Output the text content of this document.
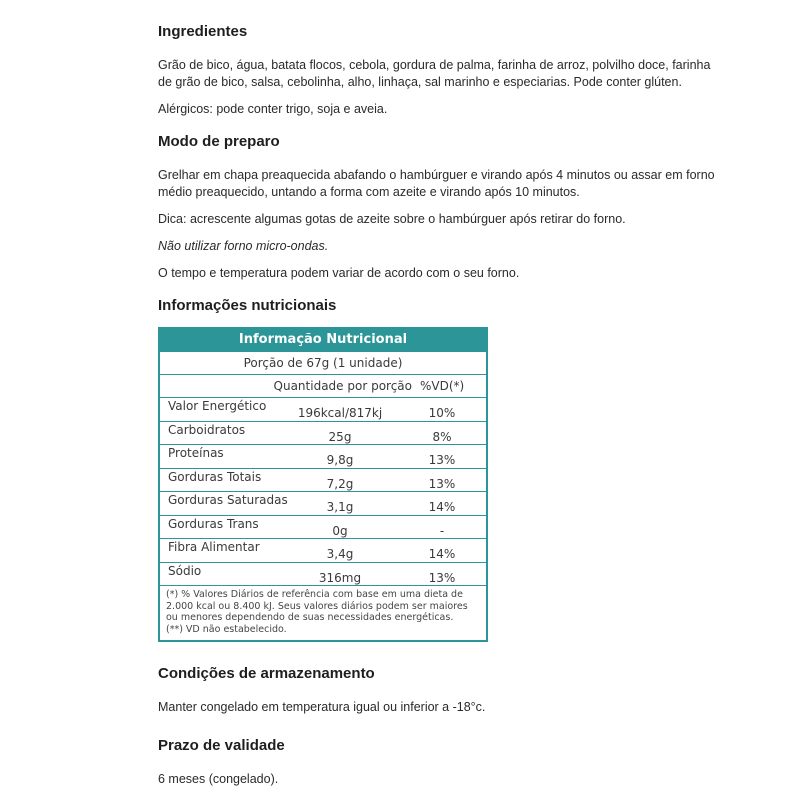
Ingredientes

Grão de bico, água, batata flocos, cebola, gordura de palma, farinha de arroz, polvilho doce, farinha de grão de bico, salsa, cebolinha, alho, linhaça, sal marinho e especiarias. Pode conter glúten.

Alérgicos: pode conter trigo, soja e aveia.

Modo de preparo

Grelhar em chapa preaquecida abafando o hambúrguer e virando após 4 minutos ou assar em forno médio preaquecido, untando a forma com azeite e virando após 10 minutos.

Dica: acrescente algumas gotas de azeite sobre o hambúrguer após retirar do forno.

Não utilizar forno micro-ondas.

O tempo e temperatura podem variar de acordo com o seu forno.

Informações nutricionais
Informação Nutricional
Porção de 67g (1 unidade)
Quantidade por porção %VD(*)
Valor Energético	196kcal/817kj	10%
Carboidratos	25g	8%
Proteínas	9,8g	13%
Gorduras Totais	7,2g	13%
Gorduras Saturadas	3,1g	14%
Gorduras Trans	0g	-
Fibra Alimentar	3,4g	14%
Sódio	316mg	13%
(*) % Valores Diários de referência com base em uma dieta de 2.000 kcal ou 8.400 kJ. Seus valores diários podem ser maiores ou menores dependendo de suas necessidades energéticas.
(**) VD não estabelecido.
Condições de armazenamento

Manter congelado em temperatura igual ou inferior a -18°c.

Prazo de validade

6 meses (congelado).
